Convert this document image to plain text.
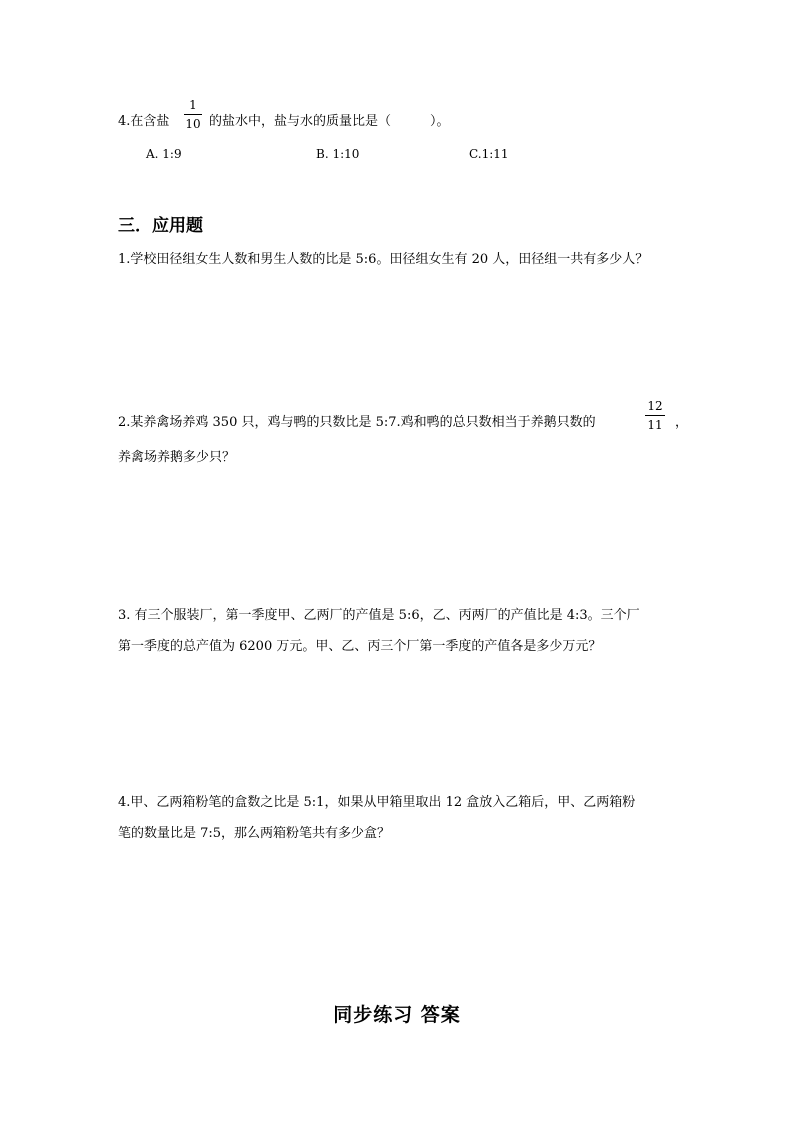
4.在含盐
1
10 的盐水中，盐与水的质量比是（　　　）。
A. 1:9	B. 1:10	C.1:11
三．应用题
1.学校田径组女生人数和男生人数的比是 5:6。田径组女生有 20 人，田径组一共有多少人？
2.某养禽场养鸡 350 只，鸡与鸭的只数比是 5:7.鸡和鸭的总只数相当于养鹅只数的
12
11 ，
养禽场养鹅多少只？
3. 有三个服装厂，第一季度甲、乙两厂的产值是 5:6，乙、丙两厂的产值比是 4:3。三个厂
第一季度的总产值为 6200 万元。甲、乙、丙三个厂第一季度的产值各是多少万元？
4.甲、乙两箱粉笔的盒数之比是 5:1，如果从甲箱里取出 12 盒放入乙箱后，甲、乙两箱粉
笔的数量比是 7:5，那么两箱粉笔共有多少盒？
同步练习 答案
